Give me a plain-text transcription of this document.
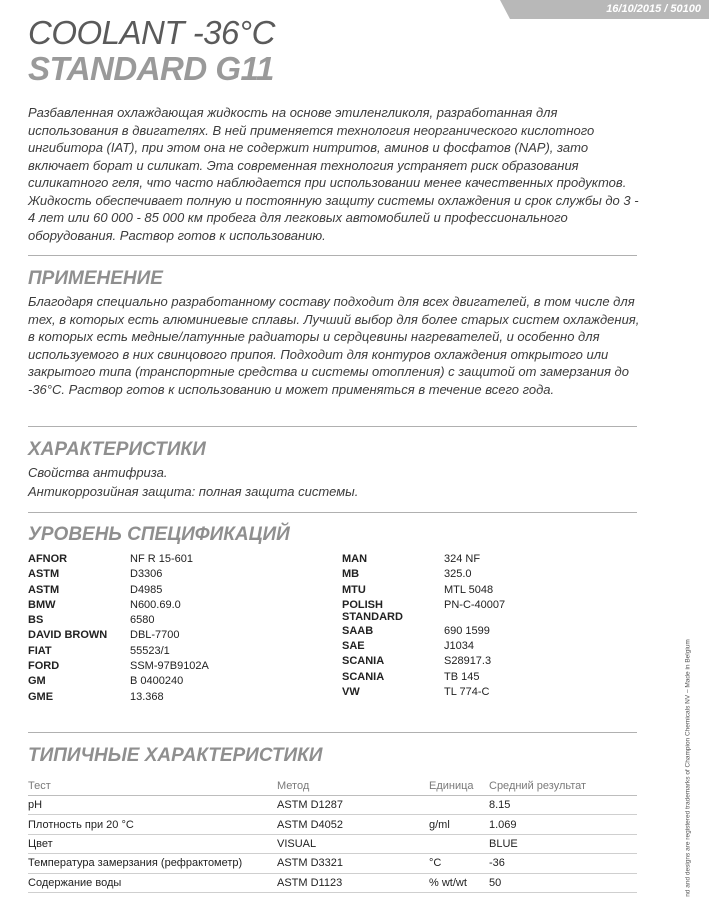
16/10/2015 / 50100
COOLANT -36°C
STANDARD G11

Разбавленная охлаждающая жидкость на основе этиленгликоля, разработанная для использования в двигателях. В ней применяется технология неорганического кислотного ингибитора (IAT), при этом она не содержит нитритов, аминов и фосфатов (NAP), зато включает борат и силикат. Эта современная технология устраняет риск образования силикатного геля, что часто наблюдается при использовании менее качественных продуктов. Жидкость обеспечивает полную и постоянную защиту системы охлаждения и срок службы до 3 - 4 лет или 60 000 - 85 000 км пробега для легковых автомобилей и профессионального оборудования. Раствор готов к использованию.

ПРИМЕНЕНИЕ

Благодаря специально разработанному составу подходит для всех двигателей, в том числе для тех, в которых есть алюминиевые сплавы. Лучший выбор для более старых систем охлаждения, в которых есть медные/латунные радиаторы и сердцевины нагревателей, и особенно для используемого в них свинцового припоя. Подходит для контуров охлаждения открытого или закрытого типа (транспортные средства и системы отопления) с защитой от замерзания до -36°C. Раствор готов к использованию и может применяться в течение всего года.

ХАРАКТЕРИСТИКИ

Свойства антифриза.

Антикоррозийная защита: полная защита системы.

УРОВЕНЬ СПЕЦИФИКАЦИЙ
AFNOR	NF R 15-601
ASTM	D3306
ASTM	D4985
BMW	N600.69.0
BS	6580
DAVID BROWN	DBL-7700
FIAT	55523/1
FORD	SSM-97B9102A
GM	B 0400240
GME	13.368
MAN	324 NF
MB	325.0
MTU	MTL 5048
POLISH
STANDARD
PN-C-40007
SAAB	690 1599
SAE	J1034
SCANIA	S28917.3
SCANIA	TB 145
VW	TL 774-C
ТИПИЧНЫЕ ХАРАКТЕРИСТИКИ
Тест	Метод	Единица	Средний результат
pH	ASTM D1287		8.15
Плотность при 20 °C	ASTM D4052	g/ml	1.069
Цвет	VISUAL		BLUE
Температура замерзания (рефрактометр)	ASTM D3321	°C	-36
Содержание воды	ASTM D1123	% wt/wt	50	nd and designs are registered trademarks of Champion Chemicals NV – Made in Belgium
